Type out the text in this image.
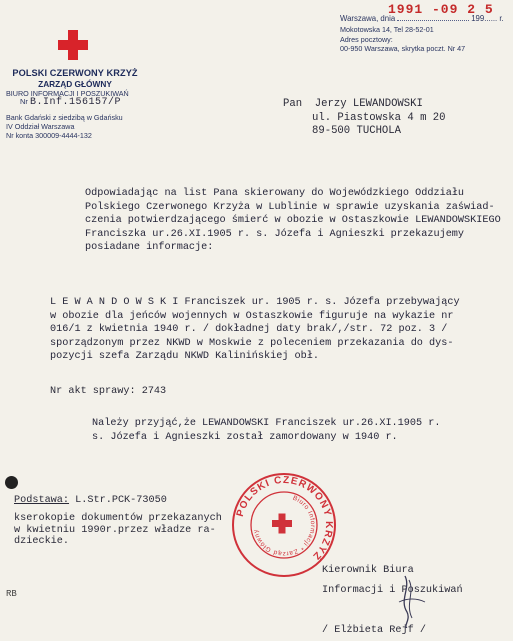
POLSKI CZERWONY KRZYŻ
ZARZĄD GŁÓWNY
BIURO INFORMACJI I POSZUKIWAŃ
Nr B.Inf.156157/P
Bank Gdański z siedzibą w Gdańsku
IV Oddział Warszawa
Nr konta 300009-4444-132
1991 -09 2 5
Warszawa, dnia	199...... r.
Mokotowska 14, Tel 28-52-01
Adres pocztowy:
00-950 Warszawa, skrytka poczt. Nr 47
Pan  Jerzy LEWANDOWSKI
ul. Piastowska 4 m 20
89-500 TUCHOLA
Odpowiadając na list Pana skierowany do Wojewódzkiego Oddziału
Polskiego Czerwonego Krzyża w Lublinie w sprawie uzyskania zaświad-
czenia potwierdzającego śmierć w obozie w Ostaszkowie LEWANDOWSKIEGO
Franciszka ur.26.XI.1905 r. s. Józefa i Agnieszki przekazujemy
posiadane informacje:
L E W A N D O W S K I Franciszek ur. 1905 r. s. Józefa przebywający
w obozie dla jeńców wojennych w Ostaszkowie figuruje na wykazie nr
016/1 z kwietnia 1940 r. / dokładnej daty brak/,/str. 72 poz. 3 /
sporządzonym przez NKWD w Moskwie z poleceniem przekazania do dys-
pozycji szefa Zarządu NKWD Kalinińskiej obł.
Nr akt sprawy: 2743
Należy przyjąć,że LEWANDOWSKI Franciszek ur.26.XI.1905 r.
s. Józefa i Agnieszki został zamordowany w 1940 r.
Podstawa: L.Str.PCK-73050
kserokopie dokumentów przekazanych
w kwietniu 1990r.przez władze ra-
dzieckie.
RB
Kierownik Biura
Informacji i Poszukiwań

/ Elżbieta Rejf /
POLSKI CZERWONY KRZYŻ
Biuro Informacji * Zarząd Główny
